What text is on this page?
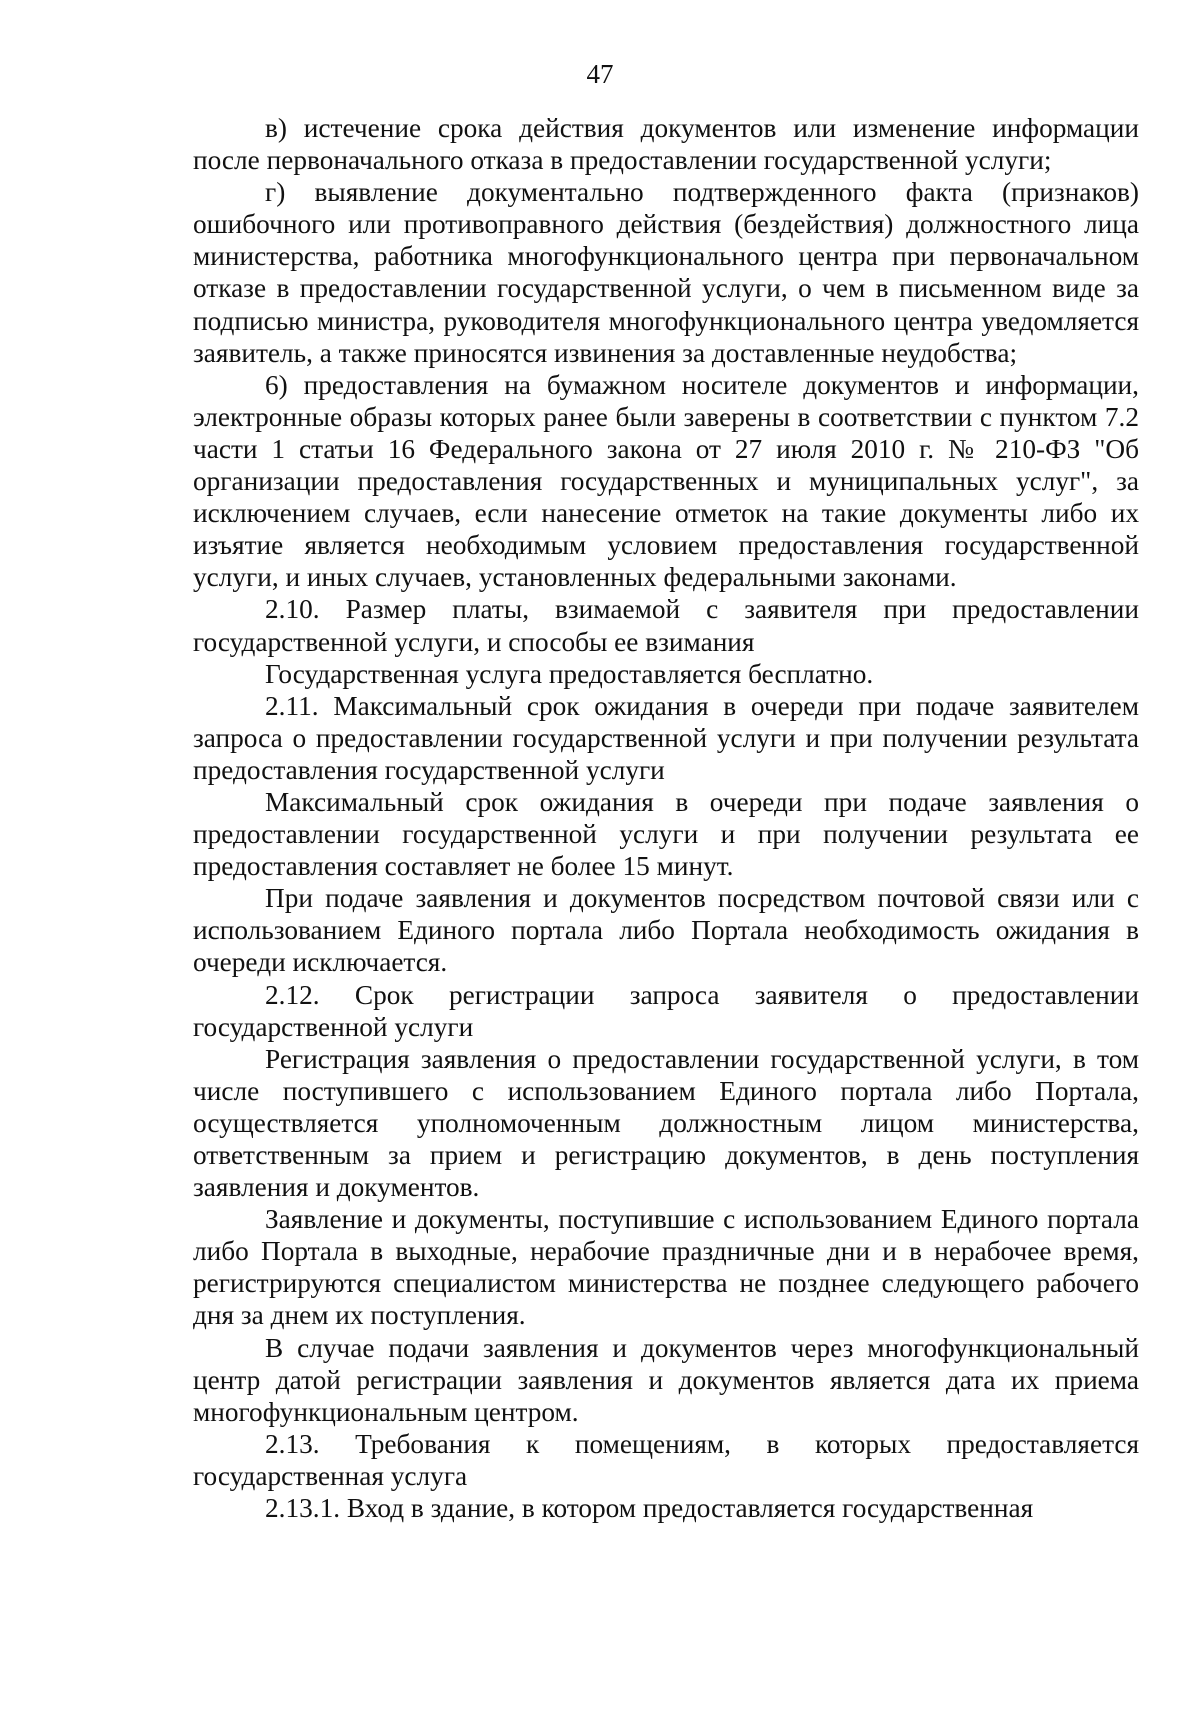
47

в) истечение срока действия документов или изменение информации после первоначального отказа в предоставлении государственной услуги;

г) выявление документально подтвержденного факта (признаков) ошибочного или противоправного действия (бездействия) должностного лица министерства, работника многофункционального центра при первоначальном отказе в предоставлении государственной услуги, о чем в письменном виде за подписью министра, руководителя многофункционального центра уведомляется заявитель, а также приносятся извинения за доставленные неудобства;

6) предоставления на бумажном носителе документов и информации, электронные образы которых ранее были заверены в соответствии с пунктом 7.2 части 1 статьи 16 Федерального закона от 27 июля 2010 г. № 210-ФЗ "Об организации предоставления государственных и муниципальных услуг", за исключением случаев, если нанесение отметок на такие документы либо их изъятие является необходимым условием предоставления государственной услуги, и иных случаев, установленных федеральными законами.

2.10. Размер платы, взимаемой с заявителя при предоставлении государственной услуги, и способы ее взимания

Государственная услуга предоставляется бесплатно.

2.11. Максимальный срок ожидания в очереди при подаче заявителем запроса о предоставлении государственной услуги и при получении результата предоставления государственной услуги

Максимальный срок ожидания в очереди при подаче заявления о предоставлении государственной услуги и при получении результата ее предоставления составляет не более 15 минут.

При подаче заявления и документов посредством почтовой связи или с использованием Единого портала либо Портала необходимость ожидания в очереди исключается.

2.12. Срок регистрации запроса заявителя о предоставлении государственной услуги

Регистрация заявления о предоставлении государственной услуги, в том числе поступившего с использованием Единого портала либо Портала, осуществляется уполномоченным должностным лицом министерства, ответственным за прием и регистрацию документов, в день поступления заявления и документов.

Заявление и документы, поступившие с использованием Единого портала либо Портала в выходные, нерабочие праздничные дни и в нерабочее время, регистрируются специалистом министерства не позднее следующего рабочего дня за днем их поступления.

В случае подачи заявления и документов через многофункциональный центр датой регистрации заявления и документов является дата их приема многофункциональным центром.

2.13. Требования к помещениям, в которых предоставляется государственная услуга

2.13.1. Вход в здание, в котором предоставляется государственная
